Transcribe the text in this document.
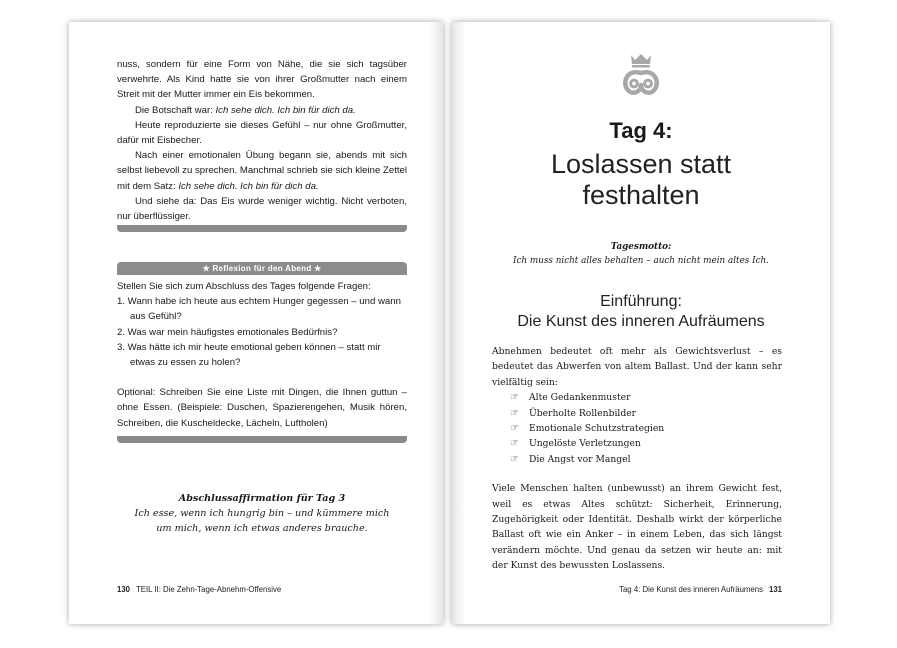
nuss, sondern für eine Form von Nähe, die sie sich tagsüber verwehrte. Als Kind hatte sie von ihrer Großmutter nach einem Streit mit der Mutter immer ein Eis bekommen.

Die Botschaft war: Ich sehe dich. Ich bin für dich da.

Heute reproduzierte sie dieses Gefühl – nur ohne Großmutter, dafür mit Eisbecher.

Nach einer emotionalen Übung begann sie, abends mit sich selbst liebevoll zu sprechen. Manchmal schrieb sie sich kleine Zettel mit dem Satz: Ich sehe dich. Ich bin für dich da.

Und siehe da: Das Eis wurde weniger wichtig. Nicht verboten, nur überflüssiger.

★ Reflexion für den Abend ★

Stellen Sie sich zum Abschluss des Tages folgende Fragen:

1. Wann habe ich heute aus echtem Hunger gegessen – und wann aus Gefühl?
2. Was war mein häufigstes emotionales Bedürfnis?
3. Was hätte ich mir heute emotional geben können – statt mir etwas zu essen zu holen?

Optional: Schreiben Sie eine Liste mit Dingen, die Ihnen guttun – ohne Essen. (Beispiele: Duschen, Spazierengehen, Musik hören, Schreiben, die Kuscheldecke, Lächeln, Luftholen)

Abschlussaffirmation für Tag 3
Ich esse, wenn ich hungrig bin – und kümmere mich
um mich, wenn ich etwas anderes brauche.
130 TEIL II: Die Zehn-Tage-Abnehm-Offensive
Tag 4:
Loslassen statt
festhalten
Tagesmotto:
Ich muss nicht alles behalten – auch nicht mein altes Ich.
Einführung:
Die Kunst des inneren Aufräumens

Abnehmen bedeutet oft mehr als Gewichtsverlust – es bedeutet das Abwerfen von altem Ballast. Und der kann sehr vielfältig sein:

☞ Alte Gedankenmuster
☞ Überholte Rollenbilder
☞ Emotionale Schutzstrategien
☞ Ungelöste Verletzungen
☞ Die Angst vor Mangel

Viele Menschen halten (unbewusst) an ihrem Gewicht fest, weil es etwas Altes schützt: Sicherheit, Erinnerung, Zugehörigkeit oder Identität. Deshalb wirkt der körperliche Ballast oft wie ein Anker – in einem Leben, das sich längst verändern möchte. Und genau da setzen wir heute an: mit der Kunst des bewussten Loslassens.

Tag 4: Die Kunst des inneren Aufräumens 131
